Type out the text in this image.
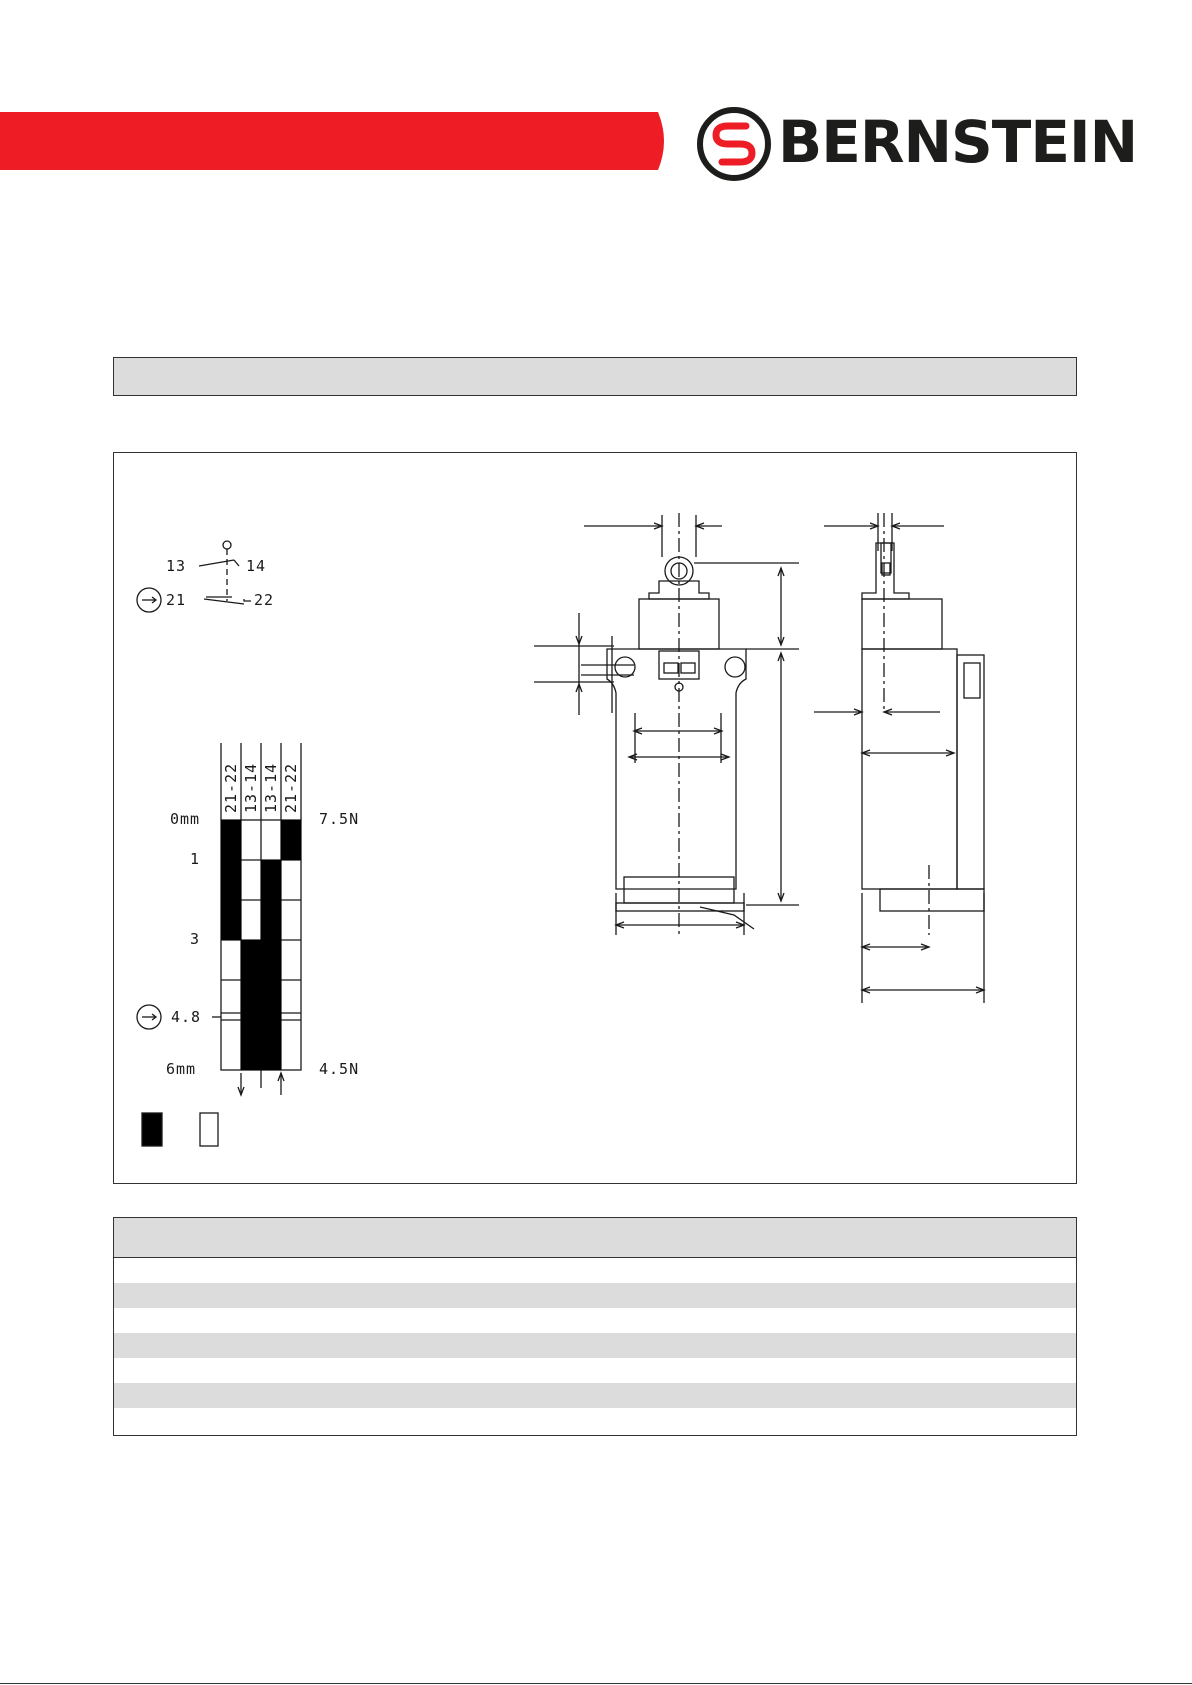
BERNSTEIN
13	14
21	22
21-22 13-14 13-14 21-22
0mm
1
3
4.8
6mm
7.5N
4.5N
